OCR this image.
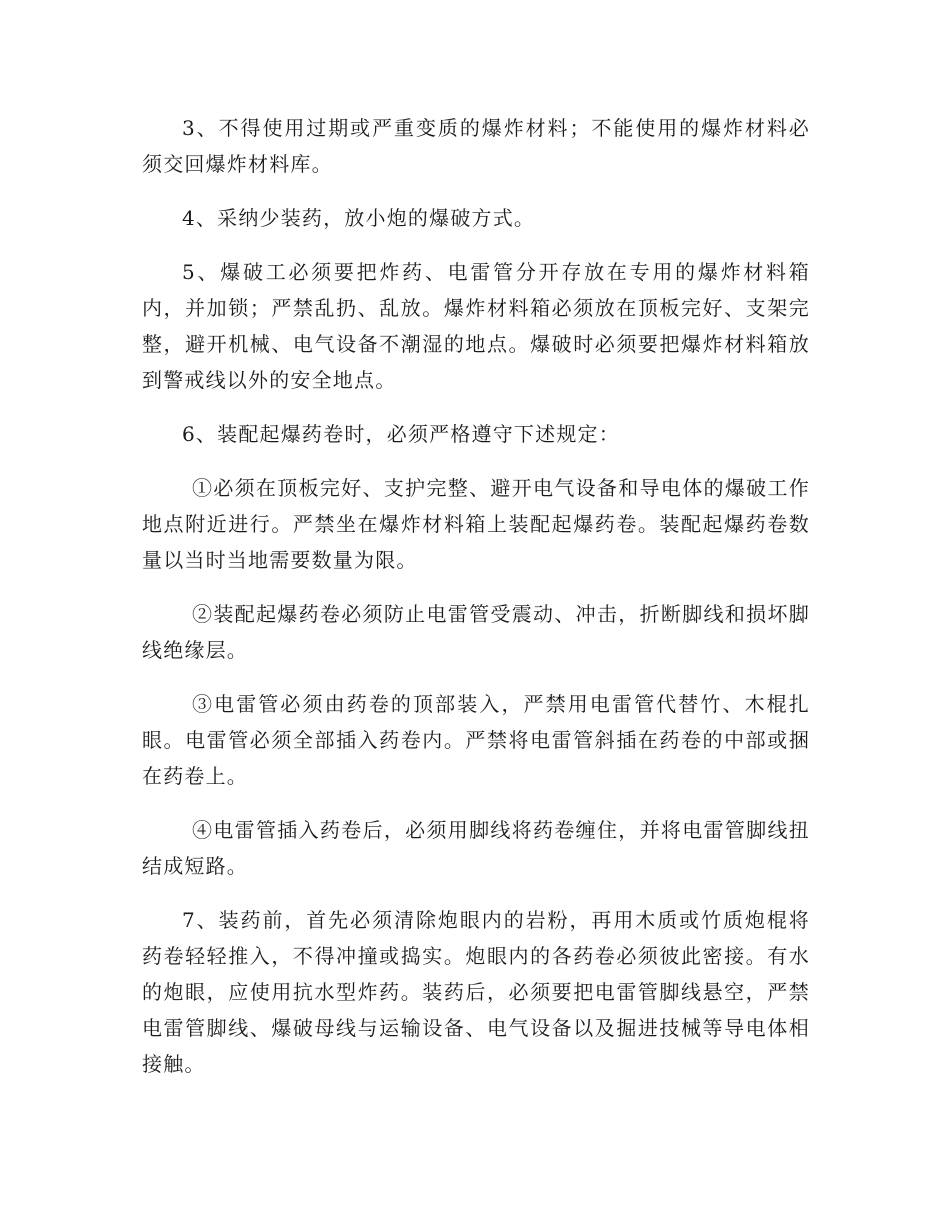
3、不得使用过期或严重变质的爆炸材料；不能使用的爆炸材料必须交回爆炸材料库。

4、采纳少装药，放小炮的爆破方式。

5、爆破工必须要把炸药、电雷管分开存放在专用的爆炸材料箱内，并加锁；严禁乱扔、乱放。爆炸材料箱必须放在顶板完好、支架完整，避开机械、电气设备不潮湿的地点。爆破时必须要把爆炸材料箱放到警戒线以外的安全地点。

6、装配起爆药卷时，必须严格遵守下述规定：

①必须在顶板完好、支护完整、避开电气设备和导电体的爆破工作地点附近进行。严禁坐在爆炸材料箱上装配起爆药卷。装配起爆药卷数量以当时当地需要数量为限。

②装配起爆药卷必须防止电雷管受震动、冲击，折断脚线和损坏脚线绝缘层。

③电雷管必须由药卷的顶部装入，严禁用电雷管代替竹、木棍扎眼。电雷管必须全部插入药卷内。严禁将电雷管斜插在药卷的中部或捆在药卷上。

④电雷管插入药卷后，必须用脚线将药卷缠住，并将电雷管脚线扭结成短路。

7、装药前，首先必须清除炮眼内的岩粉，再用木质或竹质炮棍将药卷轻轻推入，不得冲撞或捣实。炮眼内的各药卷必须彼此密接。有水的炮眼，应使用抗水型炸药。装药后，必须要把电雷管脚线悬空，严禁电雷管脚线、爆破母线与运输设备、电气设备以及掘进技械等导电体相接触。
